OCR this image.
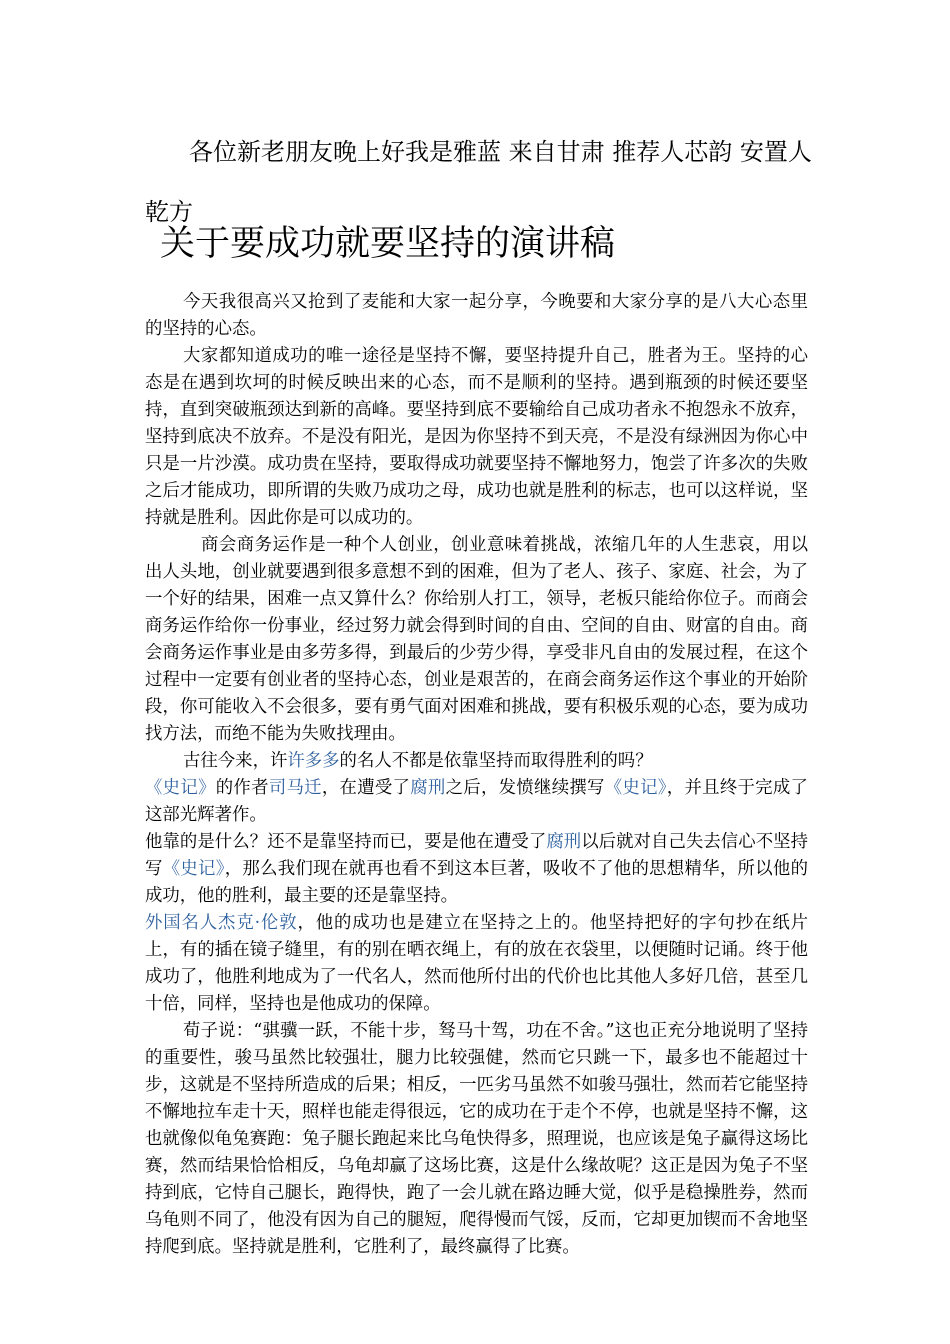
各位新老朋友晚上好我是雅蓝 来自甘肃 推荐人芯韵 安置人乾方

关于要成功就要坚持的演讲稿

今天我很高兴又抢到了麦能和大家一起分享，今晚要和大家分享的是八大心态里的坚持的心态。

大家都知道成功的唯一途径是坚持不懈，要坚持提升自己，胜者为王。坚持的心态是在遇到坎坷的时候反映出来的心态，而不是顺利的坚持。遇到瓶颈的时候还要坚持，直到突破瓶颈达到新的高峰。要坚持到底不要输给自己成功者永不抱怨永不放弃，坚持到底决不放弃。不是没有阳光，是因为你坚持不到天亮，不是没有绿洲因为你心中只是一片沙漠。成功贵在坚持，要取得成功就要坚持不懈地努力，饱尝了许多次的失败之后才能成功，即所谓的失败乃成功之母，成功也就是胜利的标志，也可以这样说，坚持就是胜利。因此你是可以成功的。

商会商务运作是一种个人创业，创业意味着挑战，浓缩几年的人生悲哀，用以出人头地，创业就要遇到很多意想不到的困难，但为了老人、孩子、家庭、社会，为了一个好的结果，困难一点又算什么？你给别人打工，领导，老板只能给你位子。而商会商务运作给你一份事业，经过努力就会得到时间的自由、空间的自由、财富的自由。商会商务运作事业是由多劳多得，到最后的少劳少得，享受非凡自由的发展过程，在这个过程中一定要有创业者的坚持心态，创业是艰苦的，在商会商务运作这个事业的开始阶段，你可能收入不会很多，要有勇气面对困难和挑战，要有积极乐观的心态，要为成功找方法，而绝不能为失败找理由。

古往今来，许许多多的名人不都是依靠坚持而取得胜利的吗？

《史记》的作者司马迁，在遭受了腐刑之后，发愤继续撰写《史记》，并且终于完成了这部光辉著作。

他靠的是什么？还不是靠坚持而已，要是他在遭受了腐刑以后就对自己失去信心不坚持写《史记》，那么我们现在就再也看不到这本巨著，吸收不了他的思想精华，所以他的成功，他的胜利，最主要的还是靠坚持。

外国名人杰克·伦敦，他的成功也是建立在坚持之上的。他坚持把好的字句抄在纸片上，有的插在镜子缝里，有的别在晒衣绳上，有的放在衣袋里，以便随时记诵。终于他成功了，他胜利地成为了一代名人，然而他所付出的代价也比其他人多好几倍，甚至几十倍，同样，坚持也是他成功的保障。

荀子说：“骐骥一跃，不能十步，驽马十驾，功在不舍。”这也正充分地说明了坚持的重要性，骏马虽然比较强壮，腿力比较强健，然而它只跳一下，最多也不能超过十步，这就是不坚持所造成的后果；相反，一匹劣马虽然不如骏马强壮，然而若它能坚持不懈地拉车走十天，照样也能走得很远，它的成功在于走个不停，也就是坚持不懈，这也就像似龟兔赛跑：兔子腿长跑起来比乌龟快得多，照理说，也应该是兔子赢得这场比赛，然而结果恰恰相反，乌龟却赢了这场比赛，这是什么缘故呢？这正是因为兔子不坚持到底，它恃自己腿长，跑得快，跑了一会儿就在路边睡大觉，似乎是稳操胜券，然而乌龟则不同了，他没有因为自己的腿短，爬得慢而气馁，反而，它却更加锲而不舍地坚持爬到底。坚持就是胜利，它胜利了，最终赢得了比赛。
